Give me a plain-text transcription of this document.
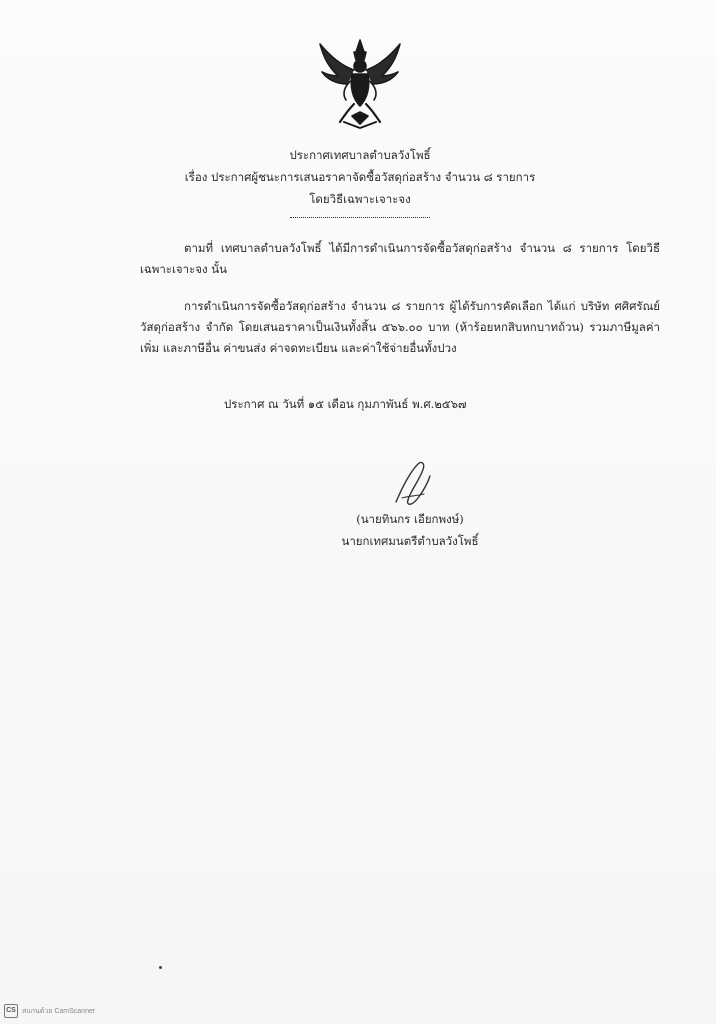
ประกาศเทศบาลตำบลวังโพธิ์
เรื่อง ประกาศผู้ชนะการเสนอราคาจัดซื้อวัสดุก่อสร้าง จำนวน ๘ รายการ
โดยวิธีเฉพาะเจาะจง

ตามที่ เทศบาลตำบลวังโพธิ์ ได้มีการดำเนินการจัดซื้อวัสดุก่อสร้าง จำนวน ๘ รายการ โดยวิธีเฉพาะเจาะจง นั้น

การดำเนินการจัดซื้อวัสดุก่อสร้าง จำนวน ๘ รายการ ผู้ได้รับการคัดเลือก ได้แก่ บริษัท ศศิศรัณย์วัสดุก่อสร้าง จำกัด โดยเสนอราคาเป็นเงินทั้งสิ้น ๕๖๖.๐๐ บาท (ห้าร้อยหกสิบหกบาทถ้วน) รวมภาษีมูลค่าเพิ่ม และภาษีอื่น ค่าขนส่ง ค่าจดทะเบียน และค่าใช้จ่ายอื่นทั้งปวง

ประกาศ ณ วันที่ ๑๕ เดือน กุมภาพันธ์ พ.ศ.๒๕๖๗
(นายทินกร เอียกพงษ์)
นายกเทศมนตรีตำบลวังโพธิ์
CS สแกนด้วย CamScanner
